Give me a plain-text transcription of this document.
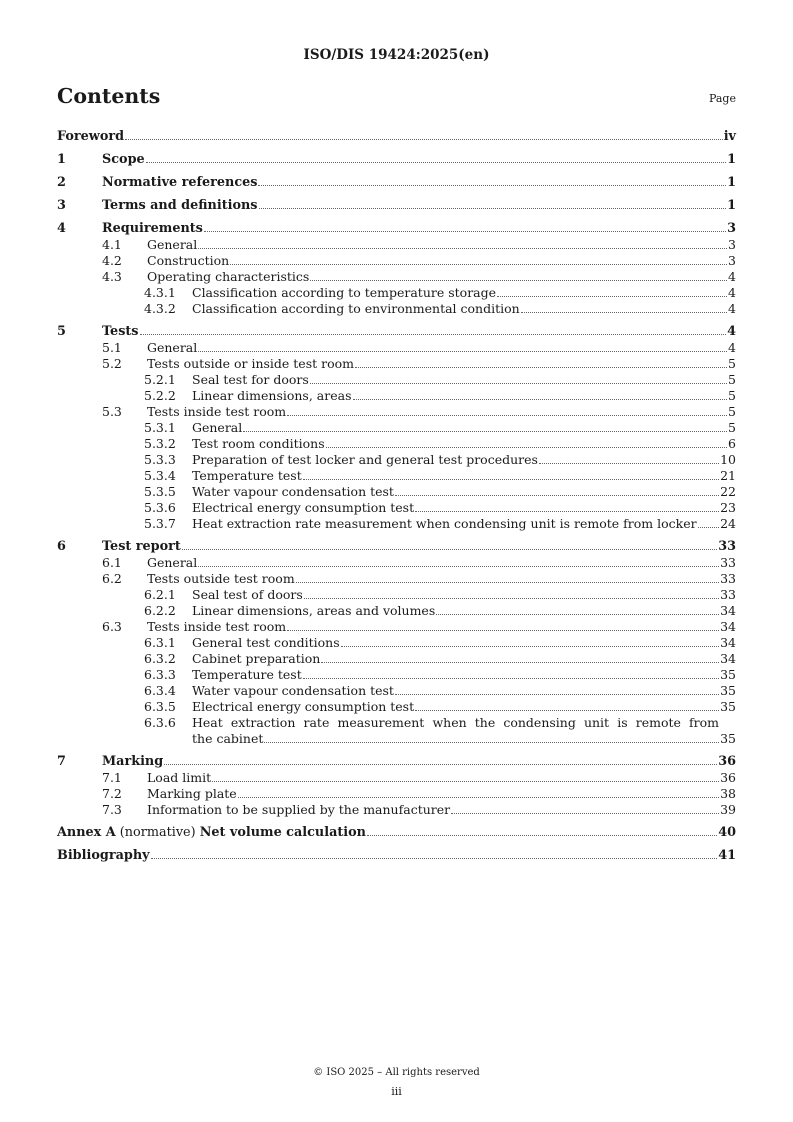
ISO/DIS 19424:2025(en)
Contents	Page
Foreword	iv
1	Scope	1
2	Normative references	1
3	Terms and definitions	1
4	Requirements	3
4.1	General	3
4.2	Construction	3
4.3	Operating characteristics	4
4.3.1	Classification according to temperature storage	4
4.3.2	Classification according to environmental condition	4
5	Tests	4
5.1	General	4
5.2	Tests outside or inside test room	5
5.2.1	Seal test for doors	5
5.2.2	Linear dimensions, areas	5
5.3	Tests inside test room	5
5.3.1	General	5
5.3.2	Test room conditions	6
5.3.3	Preparation of test locker and general test procedures	10
5.3.4	Temperature test	21
5.3.5	Water vapour condensation test	22
5.3.6	Electrical energy consumption test	23
5.3.7	Heat extraction rate measurement when condensing unit is remote from locker 24
6	Test report	33
6.1	General	33
6.2	Tests outside test room	33
6.2.1	Seal test of doors	33
6.2.2	Linear dimensions, areas and volumes	34
6.3	Tests inside test room	34
6.3.1	General test conditions	34
6.3.2	Cabinet preparation	34
6.3.3	Temperature test	35
6.3.4	Water vapour condensation test	35
6.3.5	Electrical energy consumption test	35
6.3.6	Heat extraction rate measurement when the condensing unit is remote from
the cabinet	35
7	Marking	36
7.1	Load limit	36
7.2	Marking plate	38
7.3	Information to be supplied by the manufacturer	39
Annex A (normative) Net volume calculation	40
Bibliography	41
© ISO 2025 – All rights reserved
iii
